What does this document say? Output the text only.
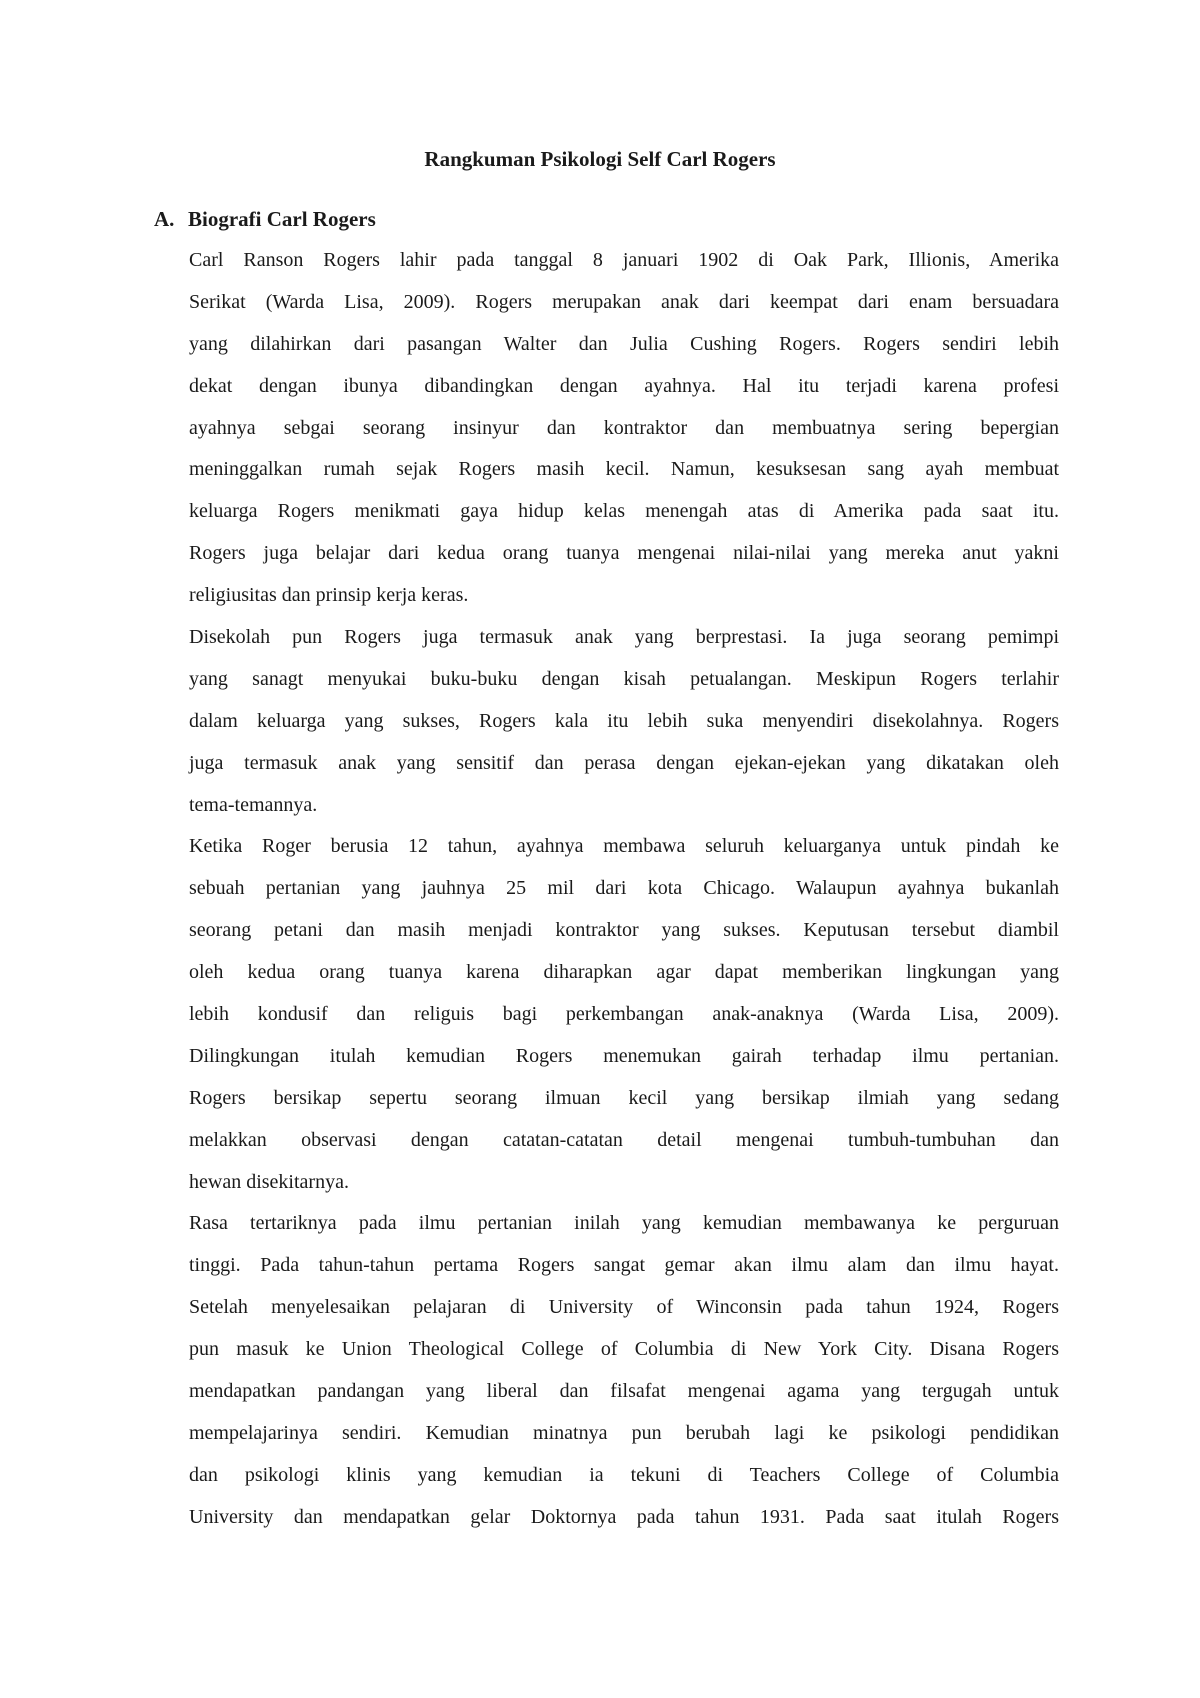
Rangkuman Psikologi Self Carl Rogers
A. Biografi Carl Rogers
Carl Ranson Rogers lahir pada tanggal 8 januari 1902 di Oak Park, Illionis, Amerika
Serikat (Warda Lisa, 2009). Rogers merupakan anak dari keempat dari enam bersuadara
yang dilahirkan dari pasangan Walter dan Julia Cushing Rogers. Rogers sendiri lebih
dekat dengan ibunya dibandingkan dengan ayahnya. Hal itu terjadi karena profesi
ayahnya sebgai seorang insinyur dan kontraktor dan membuatnya sering bepergian
meninggalkan rumah sejak Rogers masih kecil. Namun, kesuksesan sang ayah membuat
keluarga Rogers menikmati gaya hidup kelas menengah atas di Amerika pada saat itu.
Rogers juga belajar dari kedua orang tuanya mengenai nilai-nilai yang mereka anut yakni
religiusitas dan prinsip kerja keras.
Disekolah pun Rogers juga termasuk anak yang berprestasi. Ia juga seorang pemimpi
yang sanagt menyukai buku-buku dengan kisah petualangan. Meskipun Rogers terlahir
dalam keluarga yang sukses, Rogers kala itu lebih suka menyendiri disekolahnya. Rogers
juga termasuk anak yang sensitif dan perasa dengan ejekan-ejekan yang dikatakan oleh
tema-temannya.
Ketika Roger berusia 12 tahun, ayahnya membawa seluruh keluarganya untuk pindah ke
sebuah pertanian yang jauhnya 25 mil dari kota Chicago. Walaupun ayahnya bukanlah
seorang petani dan masih menjadi kontraktor yang sukses. Keputusan tersebut diambil
oleh kedua orang tuanya karena diharapkan agar dapat memberikan lingkungan yang
lebih kondusif dan religuis bagi perkembangan anak-anaknya (Warda Lisa, 2009).
Dilingkungan itulah kemudian Rogers menemukan gairah terhadap ilmu pertanian.
Rogers bersikap sepertu seorang ilmuan kecil yang bersikap ilmiah yang sedang
melakkan observasi dengan catatan-catatan detail mengenai tumbuh-tumbuhan dan
hewan disekitarnya.
Rasa tertariknya pada ilmu pertanian inilah yang kemudian membawanya ke perguruan
tinggi. Pada tahun-tahun pertama Rogers sangat gemar akan ilmu alam dan ilmu hayat.
Setelah menyelesaikan pelajaran di University of Winconsin pada tahun 1924, Rogers
pun masuk ke Union Theological College of Columbia di New York City. Disana Rogers
mendapatkan pandangan yang liberal dan filsafat mengenai agama yang tergugah untuk
mempelajarinya sendiri. Kemudian minatnya pun berubah lagi ke psikologi pendidikan
dan psikologi klinis yang kemudian ia tekuni di Teachers College of Columbia
University dan mendapatkan gelar Doktornya pada tahun 1931. Pada saat itulah Rogers
